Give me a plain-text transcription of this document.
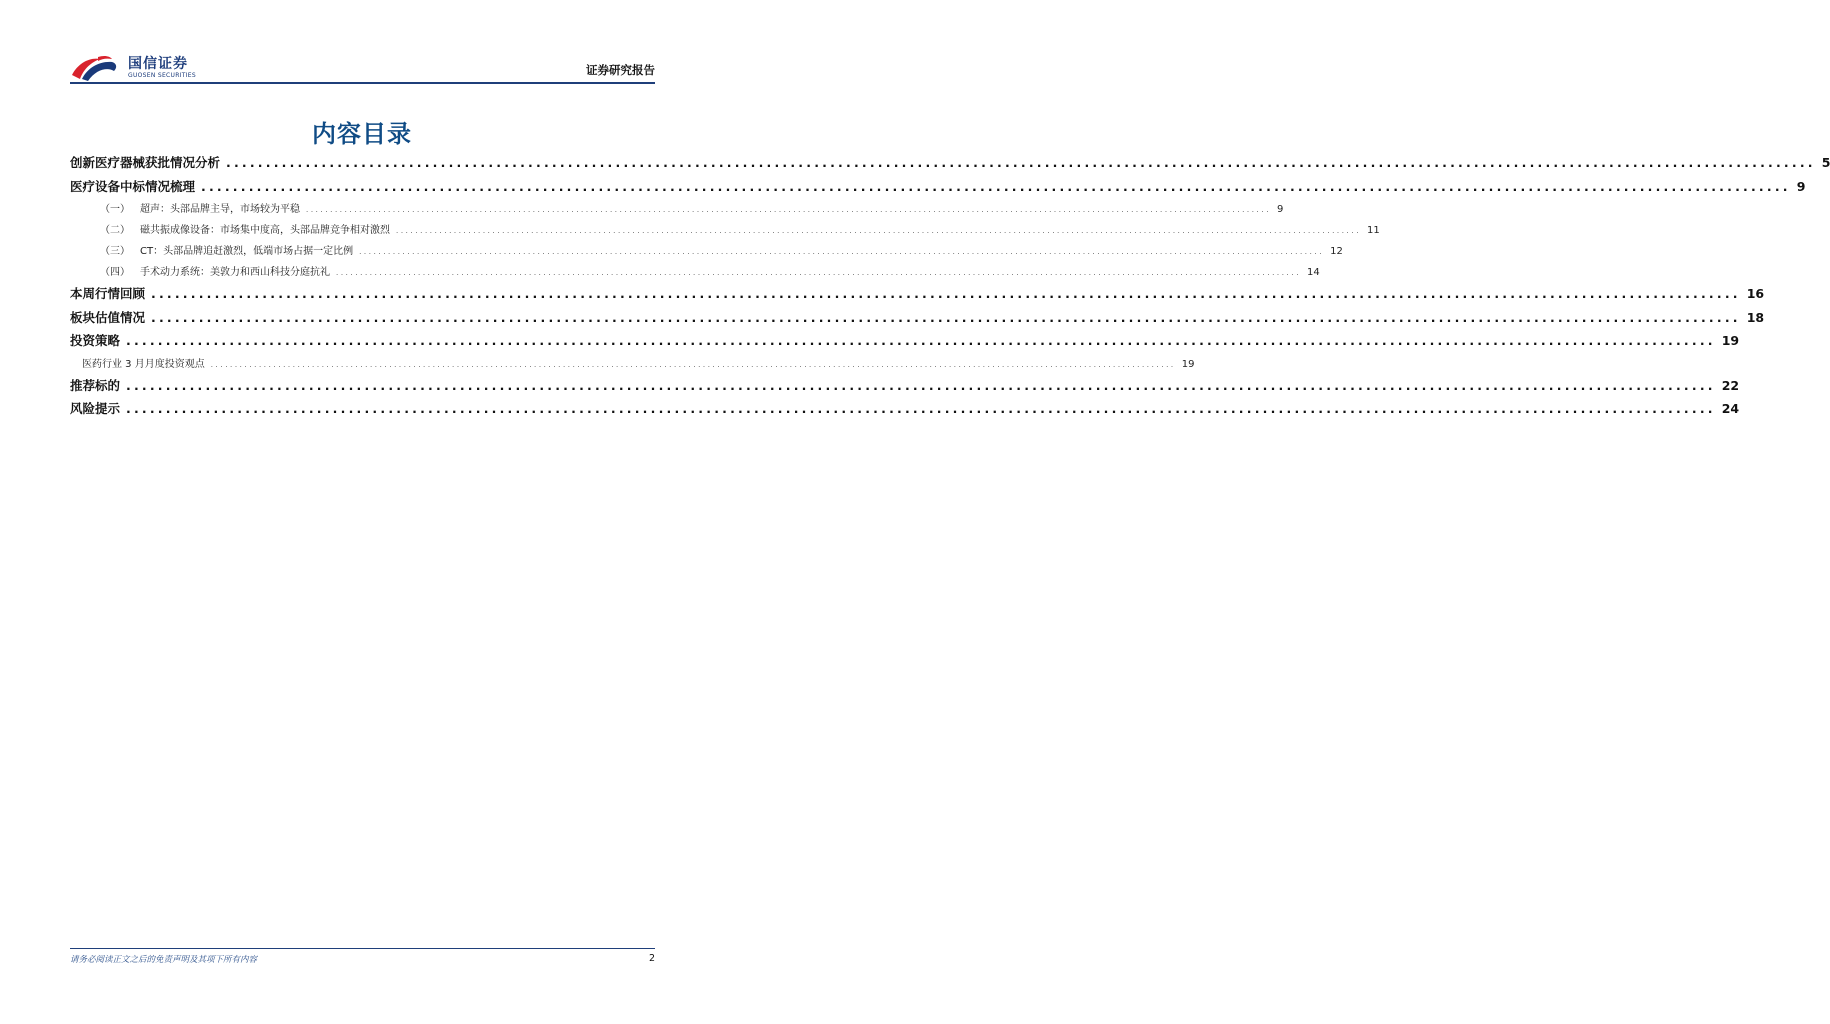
国信证券
GUOSEN SECURITIES	证券研究报告
内容目录
创新医疗器械获批情况分析 ........................................................................................................................................................................................................ 5
医疗设备中标情况梳理 ........................................................................................................................................................................................................ 9
（一） 超声：头部品牌主导，市场较为平稳 ........................................................................................................................................................................................................ 9
（二） 磁共振成像设备：市场集中度高，头部品牌竞争相对激烈 ........................................................................................................................................................................................................ 11
（三） CT：头部品牌追赶激烈，低端市场占据一定比例 ........................................................................................................................................................................................................ 12
（四） 手术动力系统：美敦力和西山科技分庭抗礼 ........................................................................................................................................................................................................ 14
本周行情回顾 ........................................................................................................................................................................................................ 16
板块估值情况 ........................................................................................................................................................................................................ 18
投资策略 ........................................................................................................................................................................................................ 19
医药行业 3 月月度投资观点 ........................................................................................................................................................................................................ 19
推荐标的 ........................................................................................................................................................................................................ 22
风险提示 ........................................................................................................................................................................................................ 24
请务必阅读正文之后的免责声明及其项下所有内容	2
